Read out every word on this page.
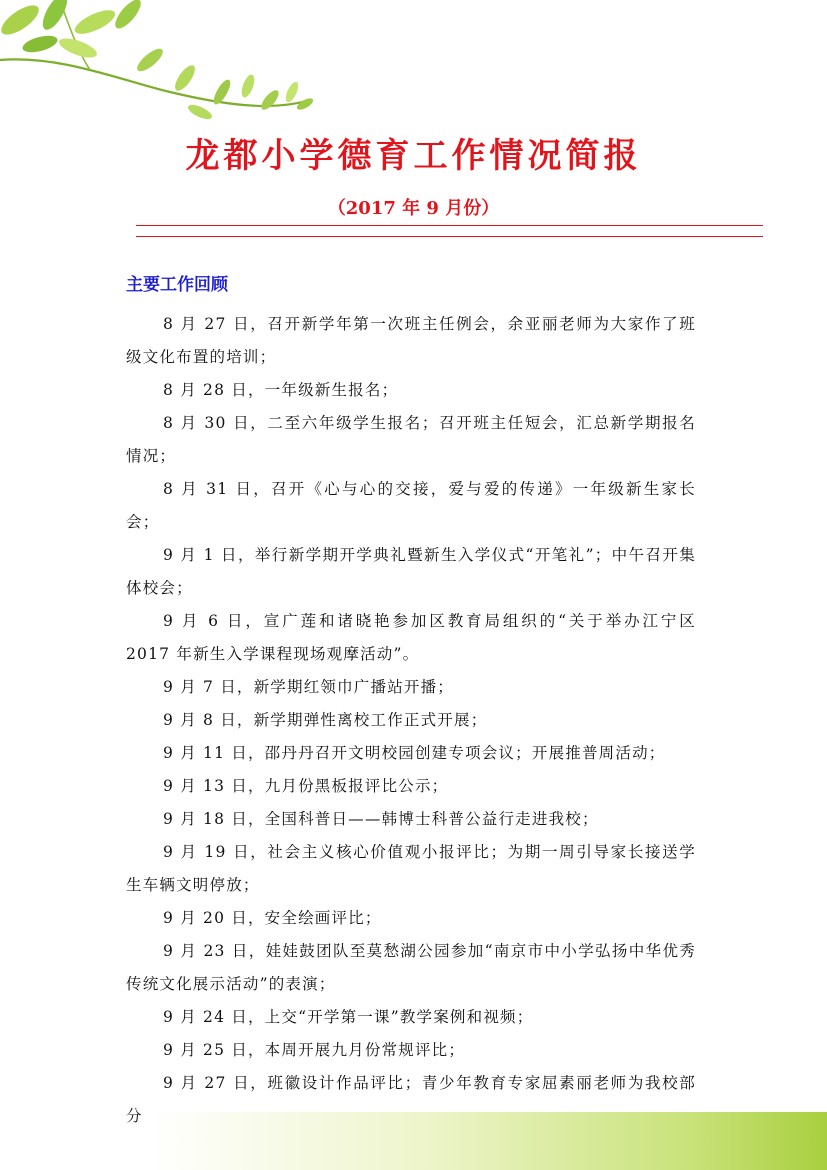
龙都小学德育工作情况简报
（2017 年 9 月份）
主要工作回顾

8 月 27 日，召开新学年第一次班主任例会，余亚丽老师为大家作了班级文化布置的培训；

8 月 28 日，一年级新生报名；

8 月 30 日，二至六年级学生报名；召开班主任短会，汇总新学期报名情况；

8 月 31 日，召开《心与心的交接，爱与爱的传递》一年级新生家长会；

9 月 1 日，举行新学期开学典礼暨新生入学仪式“开笔礼”；中午召开集体校会；

9 月 6 日，宣广莲和诸晓艳参加区教育局组织的“关于举办江宁区 2017 年新生入学课程现场观摩活动”。

9 月 7 日，新学期红领巾广播站开播；

9 月 8 日，新学期弹性离校工作正式开展；

9 月 11 日，邵丹丹召开文明校园创建专项会议；开展推普周活动；

9 月 13 日，九月份黑板报评比公示；

9 月 18 日，全国科普日——韩博士科普公益行走进我校；

9 月 19 日，社会主义核心价值观小报评比；为期一周引导家长接送学生车辆文明停放；

9 月 20 日，安全绘画评比；

9 月 23 日，娃娃鼓团队至莫愁湖公园参加“南京市中小学弘扬中华优秀传统文化展示活动”的表演；

9 月 24 日，上交“开学第一课”教学案例和视频；

9 月 25 日，本周开展九月份常规评比；

9 月 27 日，班徽设计作品评比；青少年教育专家屈素丽老师为我校部分
